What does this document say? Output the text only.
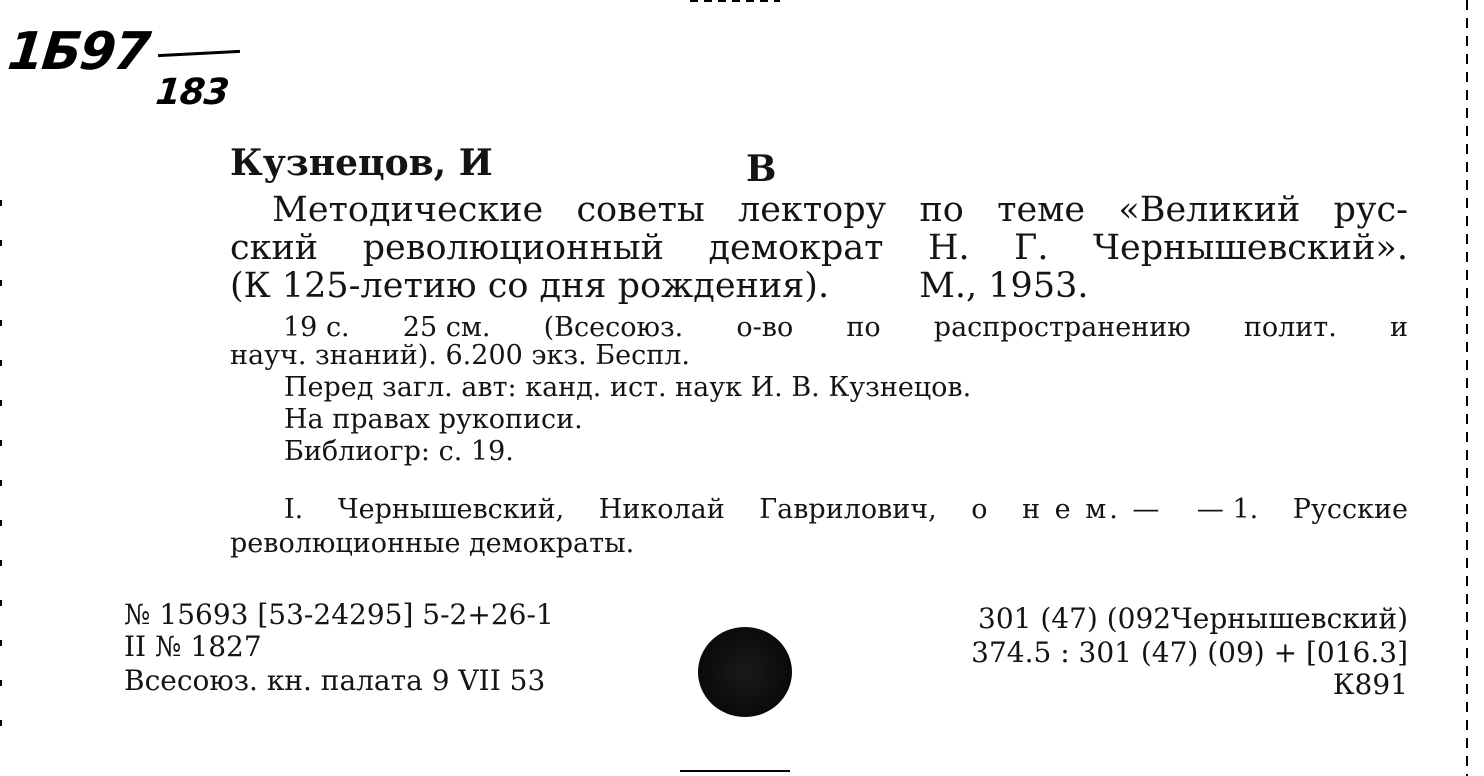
1Б97
183
Кузнецов, И	В
Методические советы лектору по теме «Великий рус-
ский революционный демократ Н. Г. Чернышевский».
(К 125-летию со дня рождения).	М., 1953.
19 с. 25 см. (Всесоюз. о-во по распространению полит. и
науч. знаний). 6.200 экз. Беспл.
Перед загл. авт: канд. ист. наук И. В. Кузнецов.
На правах рукописи.
Библиогр: с. 19.
I. Чернышевский, Николай Гаврилович, о н е м. — — 1. Русские
революционные демократы.
№ 15693 [53-24295] 5-2+26-1
II № 1827
Всесоюз. кн. палата 9 VII 53
301 (47) (092Чернышевский)
374.5 : 301 (47) (09) + [016.3]
К891
